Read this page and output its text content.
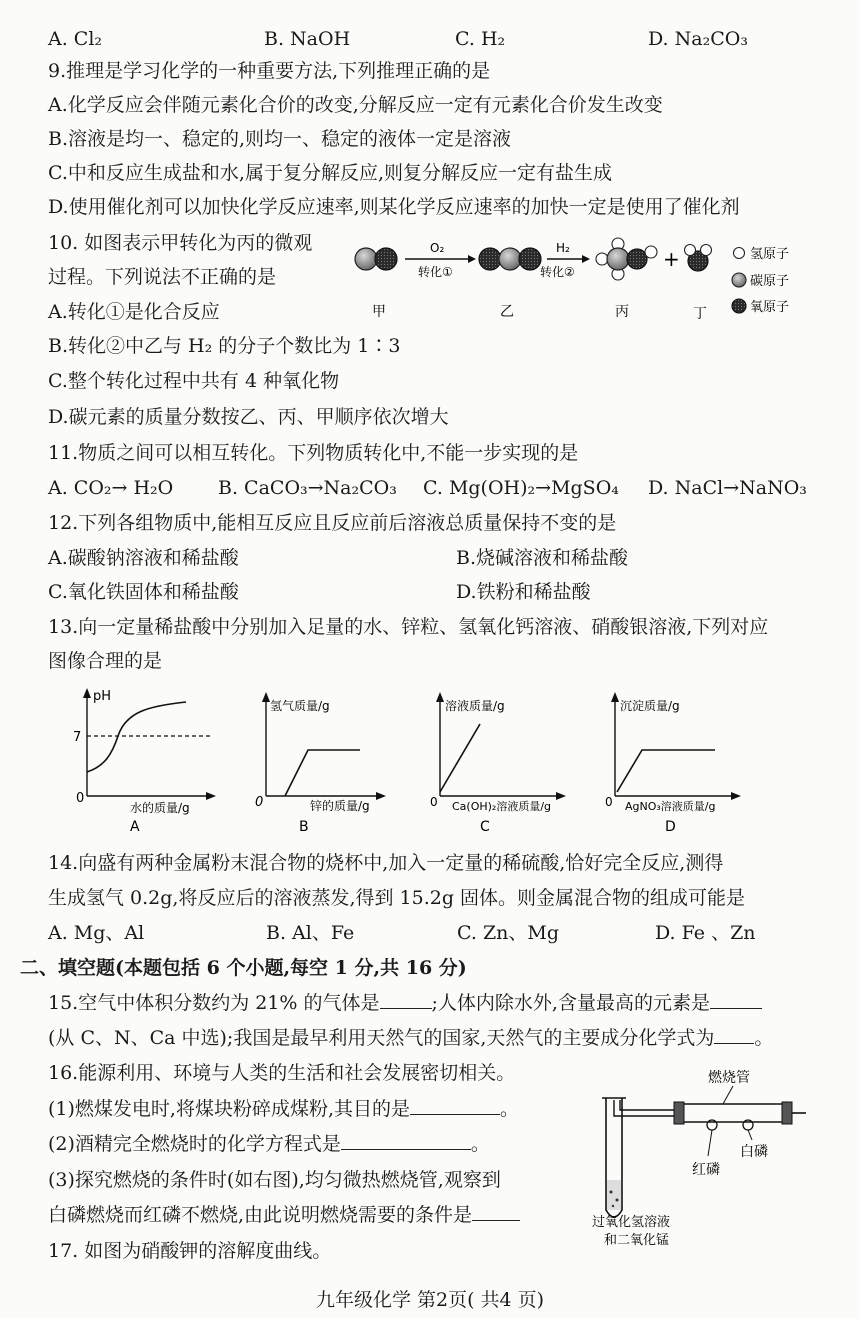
A. Cl₂	B. NaOH	C. H₂	D. Na₂CO₃
9.推理是学习化学的一种重要方法,下列推理正确的是
A.化学反应会伴随元素化合价的改变,分解反应一定有元素化合价发生改变
B.溶液是均一、稳定的,则均一、稳定的液体一定是溶液
C.中和反应生成盐和水,属于复分解反应,则复分解反应一定有盐生成
D.使用催化剂可以加快化学反应速率,则某化学反应速率的加快一定是使用了催化剂
10. 如图表示甲转化为丙的微观
过程。下列说法不正确的是
A.转化①是化合反应
B.转化②中乙与 H₂ 的分子个数比为 1∶3
C.整个转化过程中共有 4 种氧化物
D.碳元素的质量分数按乙、丙、甲顺序依次增大
O₂
转化①
H₂
转化②
+
甲	乙	丙	丁
氢原子
碳原子
氧原子
11.物质之间可以相互转化。下列物质转化中,不能一步实现的是
A. CO₂→ H₂O B. CaCO₃→Na₂CO₃ C. Mg(OH)₂→MgSO₄ D. NaCl→NaNO₃
12.下列各组物质中,能相互反应且反应前后溶液总质量保持不变的是
A.碳酸钠溶液和稀盐酸	B.烧碱溶液和稀盐酸
C.氧化铁固体和稀盐酸	D.铁粉和稀盐酸
13.向一定量稀盐酸中分别加入足量的水、锌粒、氢氧化钙溶液、硝酸银溶液,下列对应
图像合理的是
pH
7
0
水的质量/g
A
氢气质量/g
0	锌的质量/g
B
溶液质量/g
0 Ca(OH)₂溶液质量/g
C
沉淀质量/g
0 AgNO₃溶液质量/g
D
14.向盛有两种金属粉末混合物的烧杯中,加入一定量的稀硫酸,恰好完全反应,测得
生成氢气 0.2g,将反应后的溶液蒸发,得到 15.2g 固体。则金属混合物的组成可能是
A. Mg、Al	B. Al、Fe	C. Zn、Mg	D. Fe 、Zn
二、填空题(本题包括 6 个小题,每空 1 分,共 16 分)
15.空气中体积分数约为 21% 的气体是	;人体内除水外,含量最高的元素是
(从 C、N、Ca 中选);我国是最早利用天然气的国家,天然气的主要成分化学式为 。
16.能源利用、环境与人类的生活和社会发展密切相关。
(1)燃煤发电时,将煤块粉碎成煤粉,其目的是	。
(2)酒精完全燃烧时的化学方程式是	。
(3)探究燃烧的条件时(如右图),均匀微热燃烧管,观察到
白磷燃烧而红磷不燃烧,由此说明燃烧需要的条件是
燃烧管
白磷
红磷
过氧化氢溶液
和二氧化锰
17. 如图为硝酸钾的溶解度曲线。
九年级化学 第2页( 共4 页)
